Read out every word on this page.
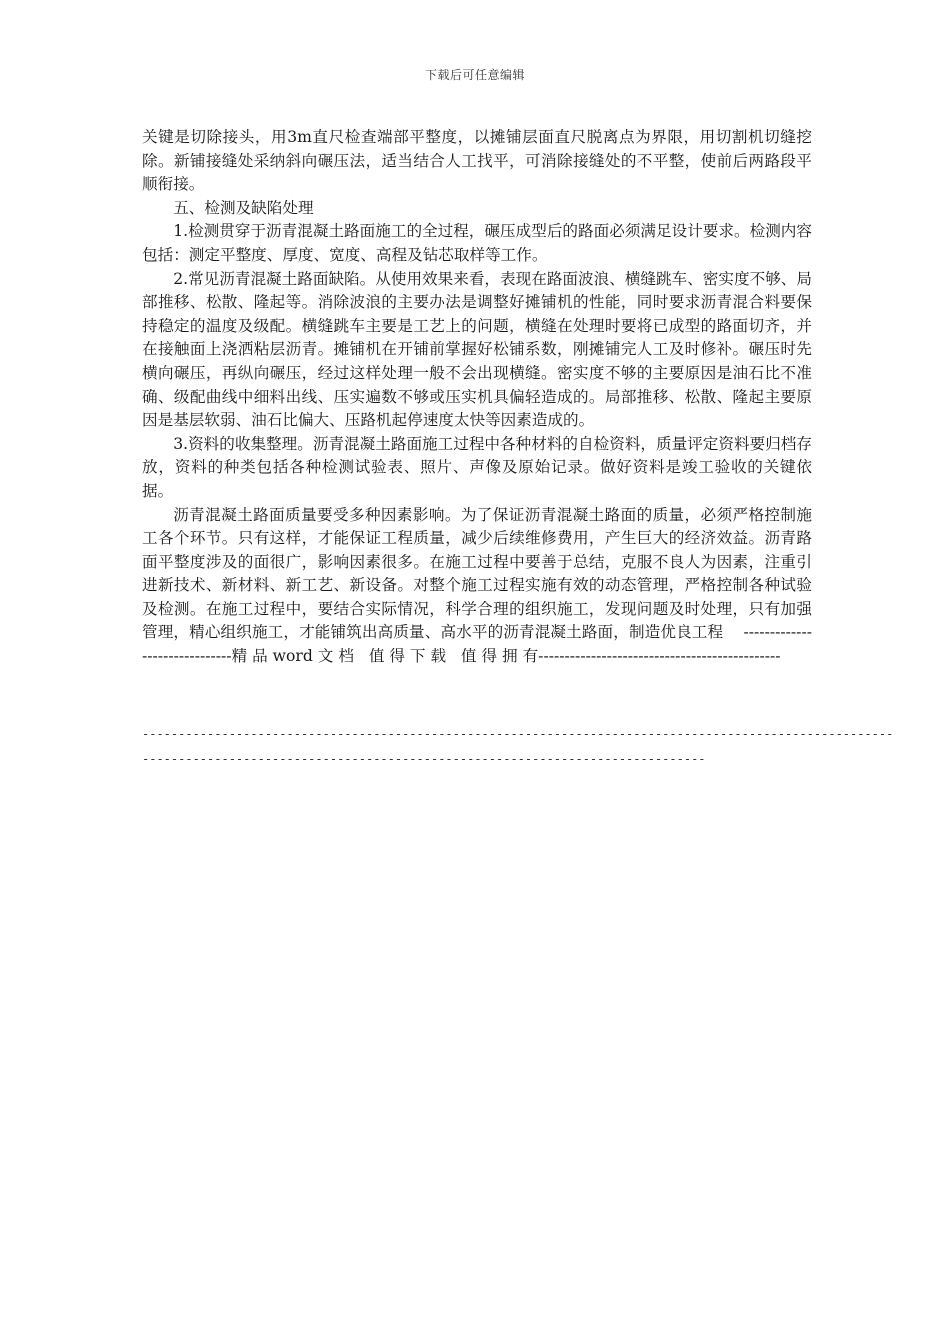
下载后可任意编辑

关键是切除接头，用3m直尺检查端部平整度，以摊铺层面直尺脱离点为界限，用切割机切缝挖除。新铺接缝处采纳斜向碾压法，适当结合人工找平，可消除接缝处的不平整，使前后两路段平顺衔接。

五、检测及缺陷处理

1.检测贯穿于沥青混凝土路面施工的全过程，碾压成型后的路面必须满足设计要求。检测内容包括：测定平整度、厚度、宽度、高程及钻芯取样等工作。

2.常见沥青混凝土路面缺陷。从使用效果来看，表现在路面波浪、横缝跳车、密实度不够、局部推移、松散、隆起等。消除波浪的主要办法是调整好摊铺机的性能，同时要求沥青混合料要保持稳定的温度及级配。横缝跳车主要是工艺上的问题，横缝在处理时要将已成型的路面切齐，并在接触面上浇洒粘层沥青。摊铺机在开铺前掌握好松铺系数，刚摊铺完人工及时修补。碾压时先横向碾压，再纵向碾压，经过这样处理一般不会出现横缝。密实度不够的主要原因是油石比不准确、级配曲线中细料出线、压实遍数不够或压实机具偏轻造成的。局部推移、松散、隆起主要原因是基层软弱、油石比偏大、压路机起停速度太快等因素造成的。

3.资料的收集整理。沥青混凝土路面施工过程中各种材料的自检资料，质量评定资料要归档存放，资料的种类包括各种检测试验表、照片、声像及原始记录。做好资料是竣工验收的关键依据。

沥青混凝土路面质量要受多种因素影响。为了保证沥青混凝土路面的质量，必须严格控制施工各个环节。只有这样，才能保证工程质量，减少后续维修费用，产生巨大的经济效益。沥青路面平整度涉及的面很广，影响因素很多。在施工过程中要善于总结，克服不良人为因素，注重引进新技术、新材料、新工艺、新设备。对整个施工过程实施有效的动态管理，严格控制各种试验及检测。在施工过程中，要结合实际情况，科学合理的组织施工，发现问题及时处理，只有加强管理，精心组织施工，才能铺筑出高质量、高水平的沥青混凝土路面，制造优良工程    ------------------------------精 品 word 文 档   值 得 下 载   值 得 拥 有----------------------------------------------

--------------------------------------------------------------------------------------------------------
------------------------------------------------------------------------------
